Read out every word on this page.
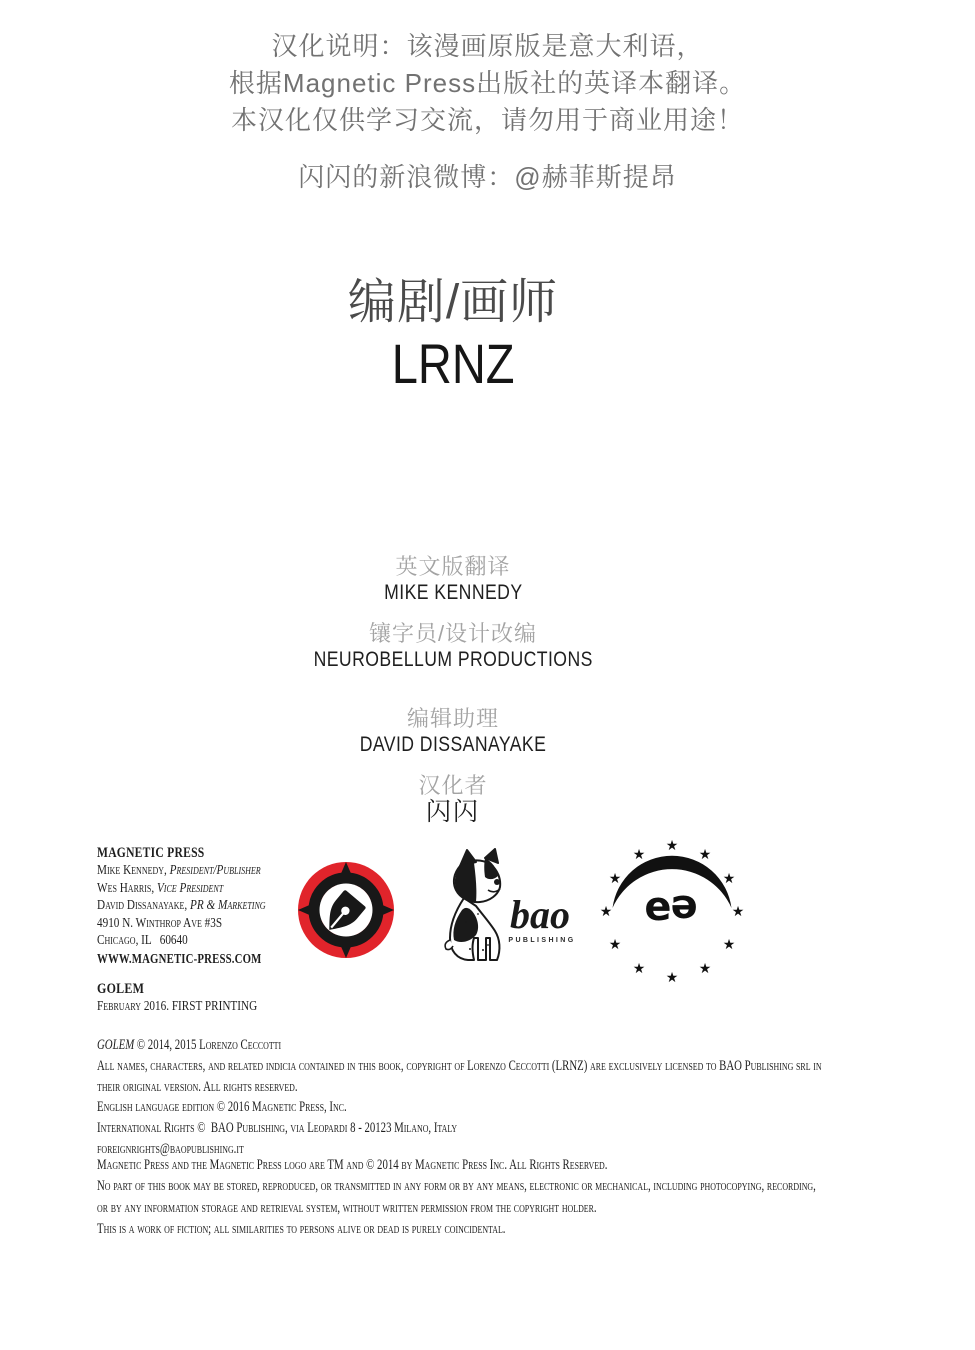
汉化说明：该漫画原版是意大利语，
根据Magnetic Press出版社的英译本翻译。
本汉化仅供学习交流，请勿用于商业用途！
闪闪的新浪微博：@赫菲斯提昂
编剧/画师
LRNZ
英文版翻译
MIKE KENNEDY
镶字员/设计改编
NEUROBELLUM PRODUCTIONS
编辑助理
DAVID DISSANAYAKE
汉化者
闪闪
MAGNETIC PRESS
Mike Kennedy, President/Publisher
Wes Harris, Vice President
David Dissanayake, PR & Marketing
4910 N. Winthrop Ave #3S
Chicago, IL   60640
WWW.MAGNETIC-PRESS.COM
bao
PUBLISHING
★
★
★
★
★
★
★
★
★
★
★
★
e
e
GOLEM
February 2016. FIRST PRINTING
GOLEM © 2014, 2015 Lorenzo Ceccotti
All names, characters, and related indicia contained in this book, copyright of Lorenzo Ceccotti (LRNZ) are exclusively licensed to BAO Publishing srl in
their original version. All rights reserved.
English language edition © 2016 Magnetic Press, Inc.
International Rights ©  BAO Publishing, via Leopardi 8 - 20123 Milano, Italy
foreignrights@baopublishing.it
Magnetic Press and the Magnetic Press logo are TM and © 2014 by Magnetic Press Inc. All Rights Reserved.
No part of this book may be stored, reproduced, or transmitted in any form or by any means, electronic or mechanical, including photocopying, recording,
or by any information storage and retrieval system, without written permission from the copyright holder.
This is a work of fiction; all similarities to persons alive or dead is purely coincidental.
